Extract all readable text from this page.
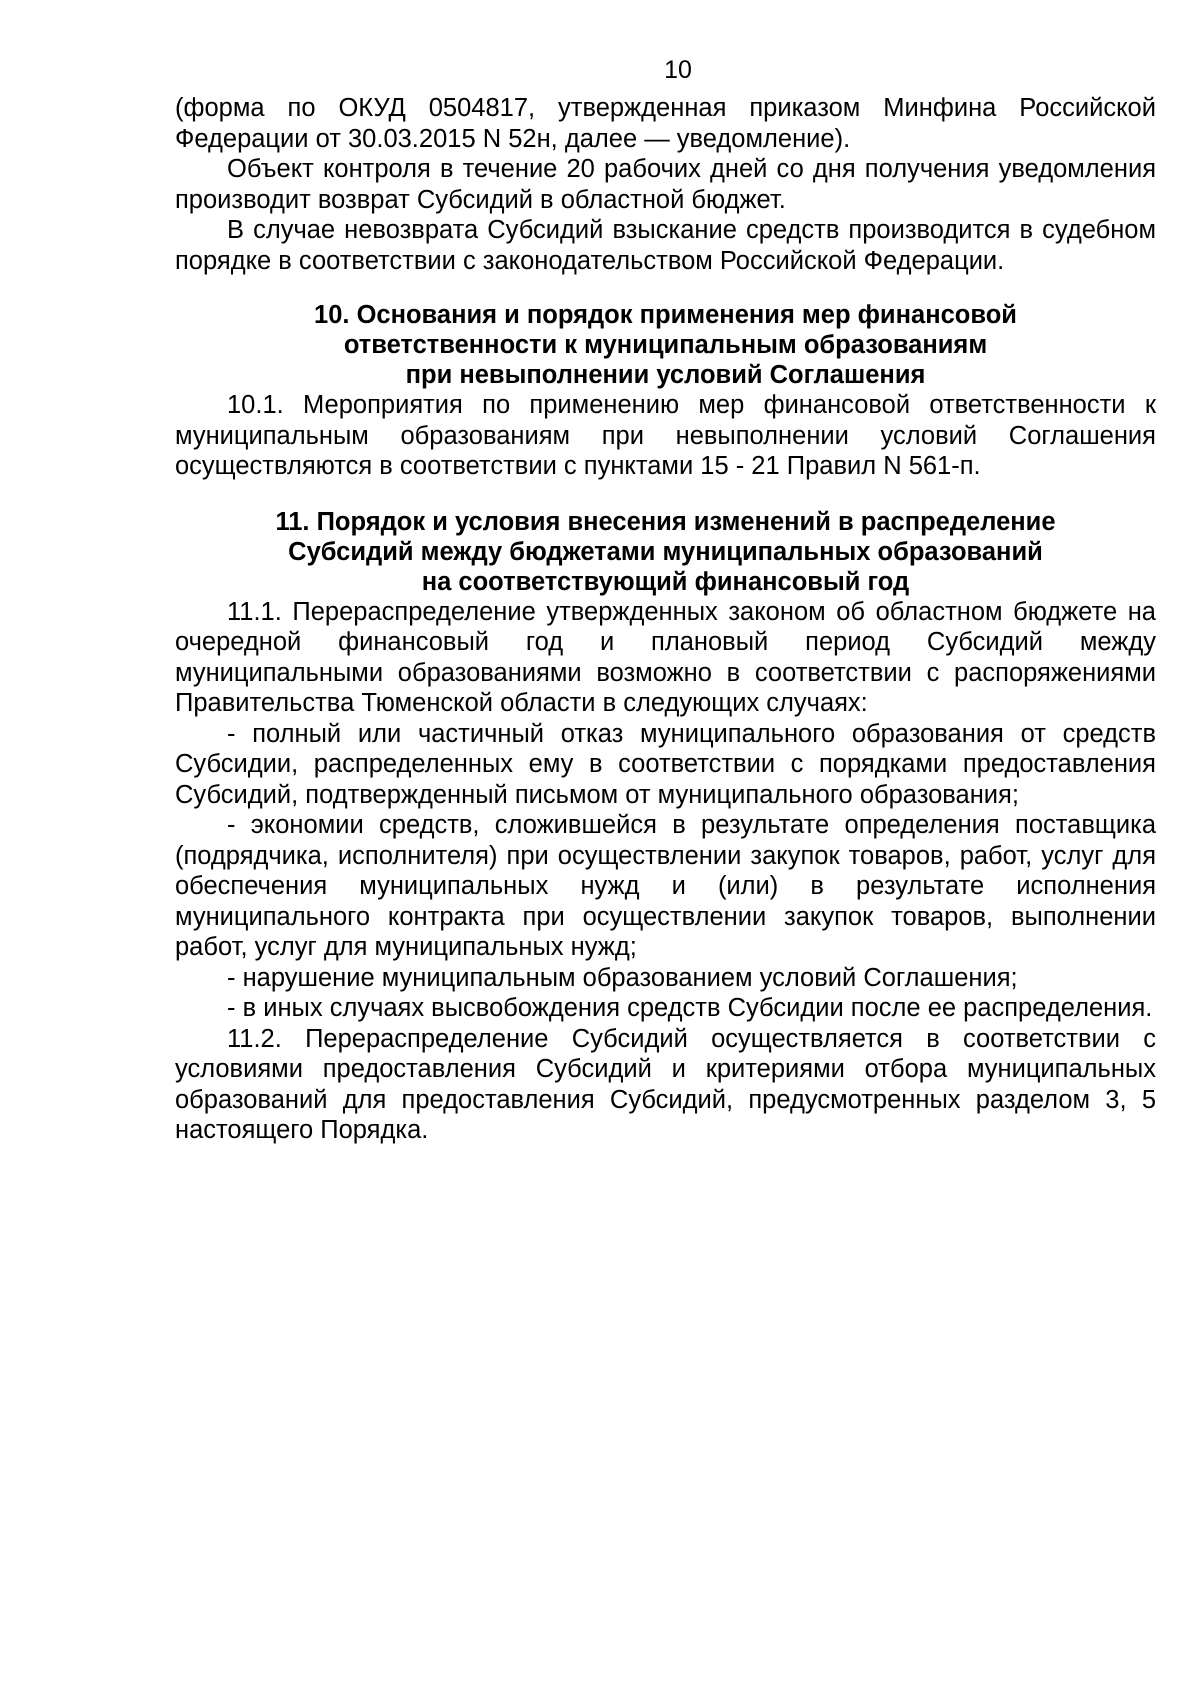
10

(форма по ОКУД 0504817, утвержденная приказом Минфина Российской Федерации от 30.03.2015 N 52н, далее — уведомление).

Объект контроля в течение 20 рабочих дней со дня получения уведомления производит возврат Субсидий в областной бюджет.

В случае невозврата Субсидий взыскание средств производится в судебном порядке в соответствии с законодательством Российской Федерации.

10. Основания и порядок применения мер финансовой
ответственности к муниципальным образованиям
при невыполнении условий Соглашения

10.1. Мероприятия по применению мер финансовой ответственности к муниципальным образованиям при невыполнении условий Соглашения осуществляются в соответствии с пунктами 15 - 21 Правил N 561-п.

11. Порядок и условия внесения изменений в распределение
Субсидий между бюджетами муниципальных образований
на соответствующий финансовый год

11.1. Перераспределение утвержденных законом об областном бюджете на очередной финансовый год и плановый период Субсидий между муниципальными образованиями возможно в соответствии с распоряжениями Правительства Тюменской области в следующих случаях:

- полный или частичный отказ муниципального образования от средств Субсидии, распределенных ему в соответствии с порядками предоставления Субсидий, подтвержденный письмом от муниципального образования;

- экономии средств, сложившейся в результате определения поставщика (подрядчика, исполнителя) при осуществлении закупок товаров, работ, услуг для обеспечения муниципальных нужд и (или) в результате исполнения муниципального контракта при осуществлении закупок товаров, выполнении работ, услуг для муниципальных нужд;

- нарушение муниципальным образованием условий Соглашения;

- в иных случаях высвобождения средств Субсидии после ее распределения.

11.2. Перераспределение Субсидий осуществляется в соответствии с условиями предоставления Субсидий и критериями отбора муниципальных образований для предоставления Субсидий, предусмотренных разделом 3, 5 настоящего Порядка.
